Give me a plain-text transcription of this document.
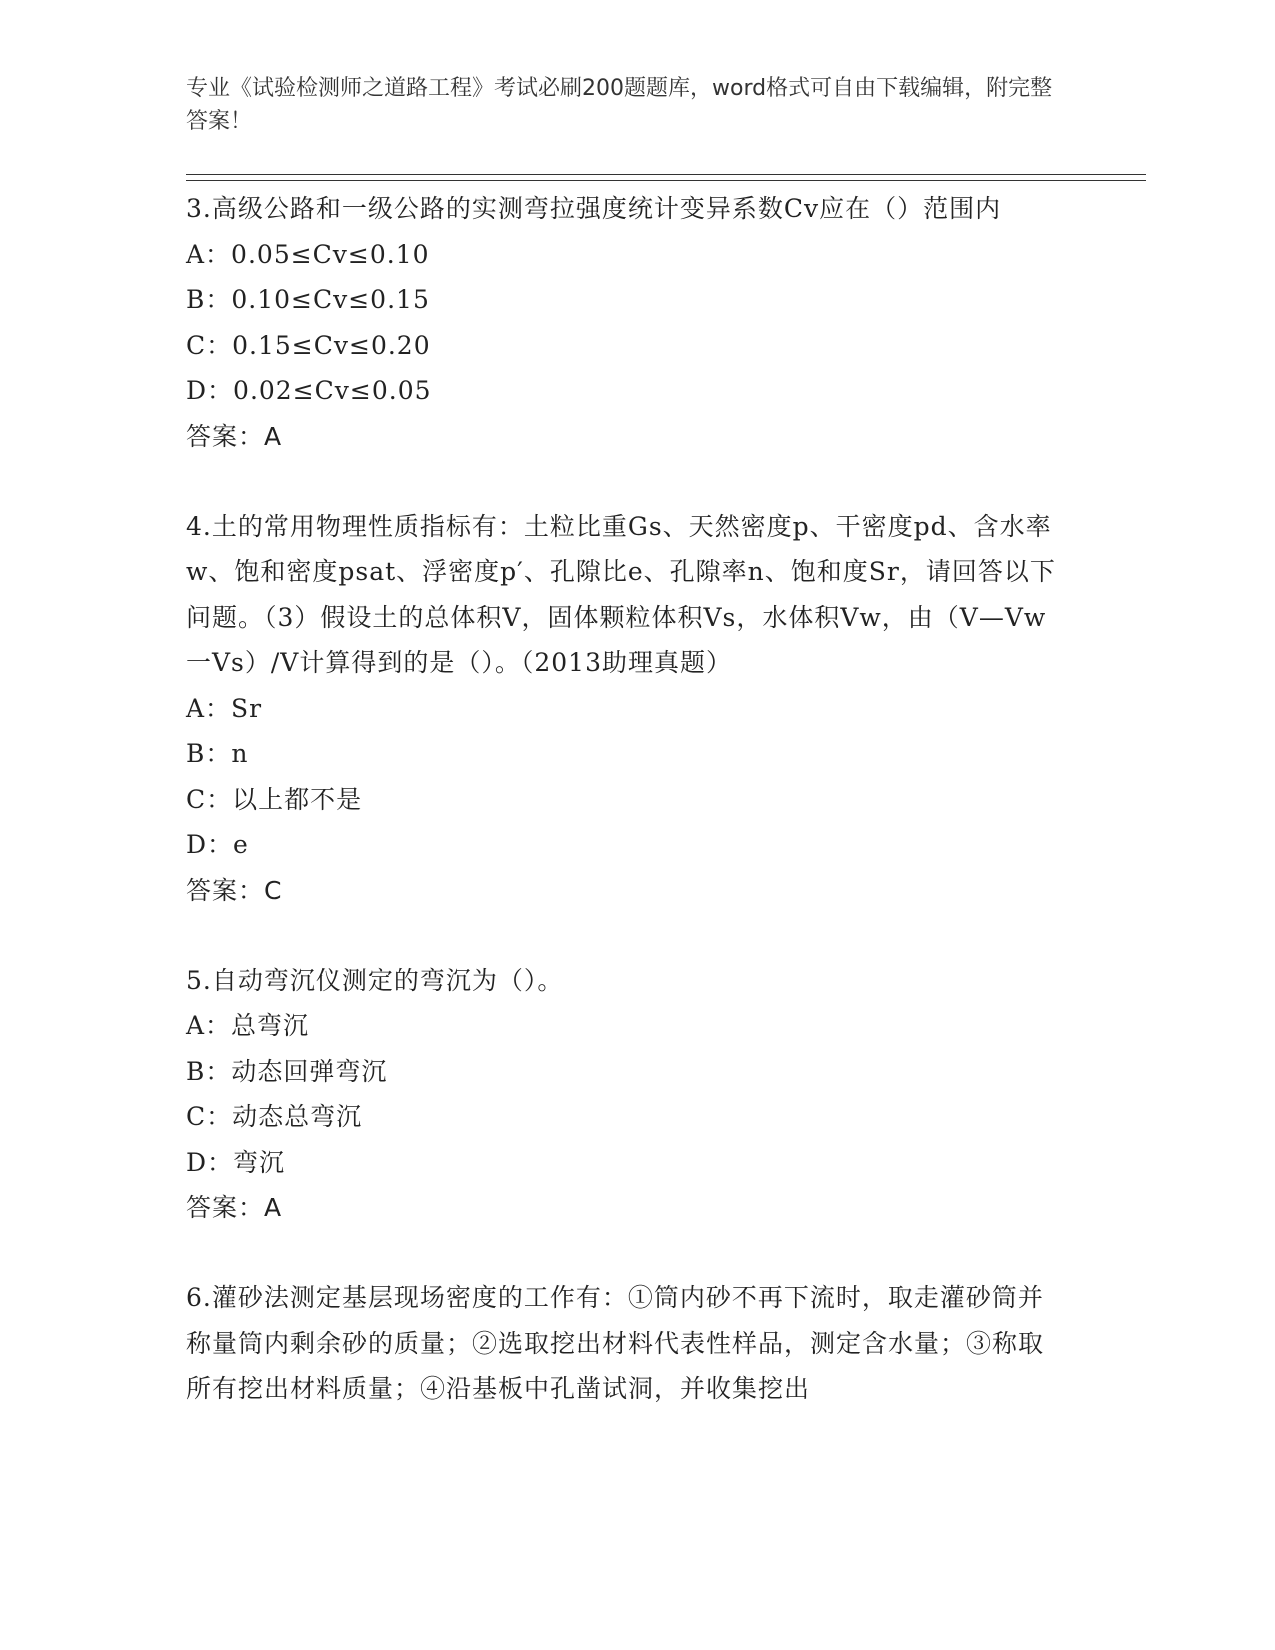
专业《试验检测师之道路工程》考试必刷200题题库，word格式可自由下载编辑，附完整答案！
3.高级公路和一级公路的实测弯拉强度统计变异系数Cv应在（）范围内
A：0.05≤Cv≤0.10
B：0.10≤Cv≤0.15
C：0.15≤Cv≤0.20
D：0.02≤Cv≤0.05
答案：A
4.土的常用物理性质指标有：土粒比重Gs、天然密度p、干密度pd、含水率w、饱和密度psat、浮密度p′、孔隙比e、孔隙率n、饱和度Sr，请回答以下问题。（3）假设土的总体积V，固体颗粒体积Vs，水体积Vw，由（V—Vw一Vs）/V计算得到的是（）。（2013助理真题）
A：Sr
B：n
C：以上都不是
D：e
答案：C
5.自动弯沉仪测定的弯沉为（）。
A：总弯沉
B：动态回弹弯沉
C：动态总弯沉
D：弯沉
答案：A
6.灌砂法测定基层现场密度的工作有：①筒内砂不再下流时，取走灌砂筒并称量筒内剩余砂的质量；②选取挖出材料代表性样品，测定含水量；③称取所有挖出材料质量；④沿基板中孔凿试洞，并收集挖出
